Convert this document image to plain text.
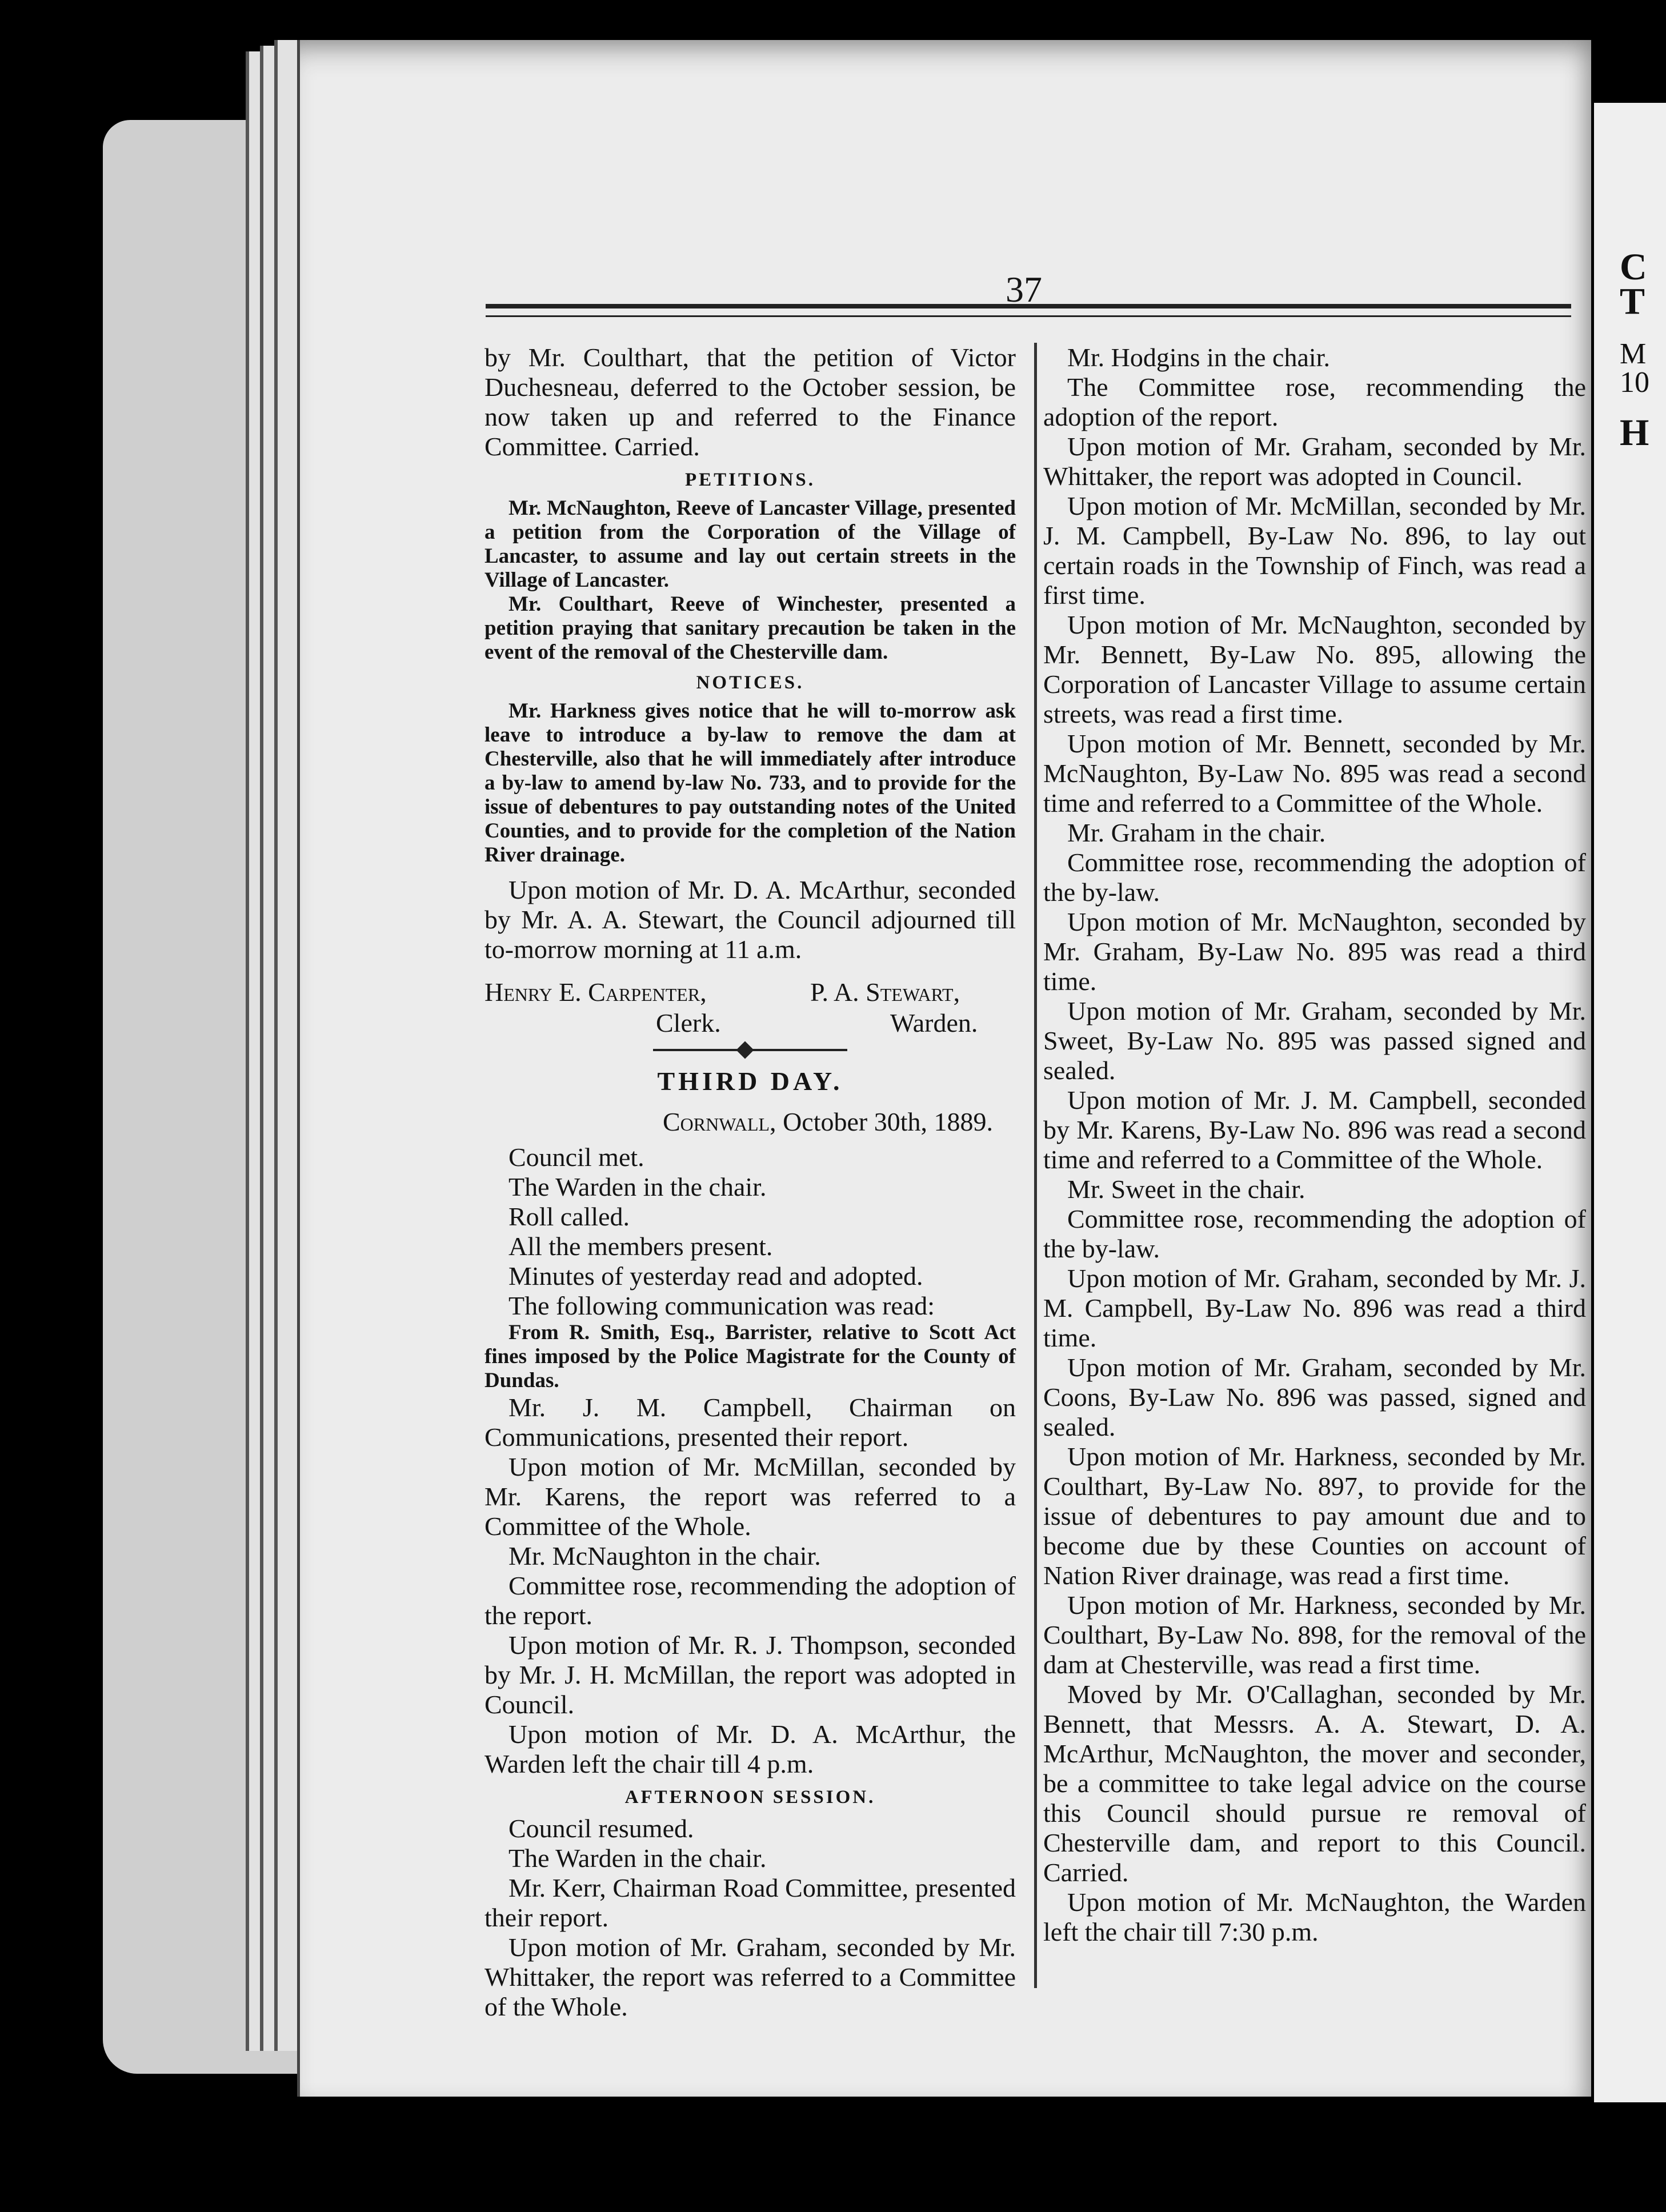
C
T
M
10
H
37

by Mr. Coulthart, that the petition of Victor Duchesneau, deferred to the October session, be now taken up and referred to the Finance Committee. Carried.

PETITIONS.

Mr. McNaughton, Reeve of Lancaster Village, presented a petition from the Corporation of the Village of Lancaster, to assume and lay out certain streets in the Village of Lancaster.

Mr. Coulthart, Reeve of Winchester, presented a petition praying that sanitary precaution be taken in the event of the removal of the Chesterville dam.

NOTICES.

Mr. Harkness gives notice that he will to-morrow ask leave to introduce a by-law to remove the dam at Chesterville, also that he will immediately after introduce a by-law to amend by-law No. 733, and to provide for the issue of debentures to pay outstanding notes of the United Counties, and to provide for the completion of the Nation River drainage.

Upon motion of Mr. D. A. McArthur, seconded by Mr. A. A. Stewart, the Council adjourned till to-morrow morning at 11 a.m.

Henry E. Carpenter,
Clerk.
P. A. Stewart,
Warden.
THIRD DAY.
Cornwall, October 30th, 1889.

Council met.

The Warden in the chair.

Roll called.

All the members present.

Minutes of yesterday read and adopted.

The following communication was read:

From R. Smith, Esq., Barrister, relative to Scott Act fines imposed by the Police Magistrate for the County of Dundas.

Mr. J. M. Campbell, Chairman on Communications, presented their report.

Upon motion of Mr. McMillan, seconded by Mr. Karens, the report was referred to a Committee of the Whole.

Mr. McNaughton in the chair.

Committee rose, recommending the adoption of the report.

Upon motion of Mr. R. J. Thompson, seconded by Mr. J. H. McMillan, the report was adopted in Council.

Upon motion of Mr. D. A. McArthur, the Warden left the chair till 4 p.m.

AFTERNOON SESSION.

Council resumed.

The Warden in the chair.

Mr. Kerr, Chairman Road Committee, presented their report.

Upon motion of Mr. Graham, seconded by Mr. Whittaker, the report was referred to a Committee of the Whole.

Mr. Hodgins in the chair.

The Committee rose, recommending the adoption of the report.

Upon motion of Mr. Graham, seconded by Mr. Whittaker, the report was adopted in Council.

Upon motion of Mr. McMillan, seconded by Mr. J. M. Campbell, By-Law No. 896, to lay out certain roads in the Township of Finch, was read a first time.

Upon motion of Mr. McNaughton, seconded by Mr. Bennett, By-Law No. 895, allowing the Corporation of Lancaster Village to assume certain streets, was read a first time.

Upon motion of Mr. Bennett, seconded by Mr. McNaughton, By-Law No. 895 was read a second time and referred to a Committee of the Whole.

Mr. Graham in the chair.

Committee rose, recommending the adoption of the by-law.

Upon motion of Mr. McNaughton, seconded by Mr. Graham, By-Law No. 895 was read a third time.

Upon motion of Mr. Graham, seconded by Mr. Sweet, By-Law No. 895 was passed signed and sealed.

Upon motion of Mr. J. M. Campbell, seconded by Mr. Karens, By-Law No. 896 was read a second time and referred to a Committee of the Whole.

Mr. Sweet in the chair.

Committee rose, recommending the adoption of the by-law.

Upon motion of Mr. Graham, seconded by Mr. J. M. Campbell, By-Law No. 896 was read a third time.

Upon motion of Mr. Graham, seconded by Mr. Coons, By-Law No. 896 was passed, signed and sealed.

Upon motion of Mr. Harkness, seconded by Mr. Coulthart, By-Law No. 897, to provide for the issue of debentures to pay amount due and to become due by these Counties on account of Nation River drainage, was read a first time.

Upon motion of Mr. Harkness, seconded by Mr. Coulthart, By-Law No. 898, for the removal of the dam at Chesterville, was read a first time.

Moved by Mr. O'Callaghan, seconded by Mr. Bennett, that Messrs. A. A. Stewart, D. A. McArthur, McNaughton, the mover and seconder, be a committee to take legal advice on the course this Council should pursue re removal of Chesterville dam, and report to this Council. Carried.

Upon motion of Mr. McNaughton, the Warden left the chair till 7:30 p.m.
